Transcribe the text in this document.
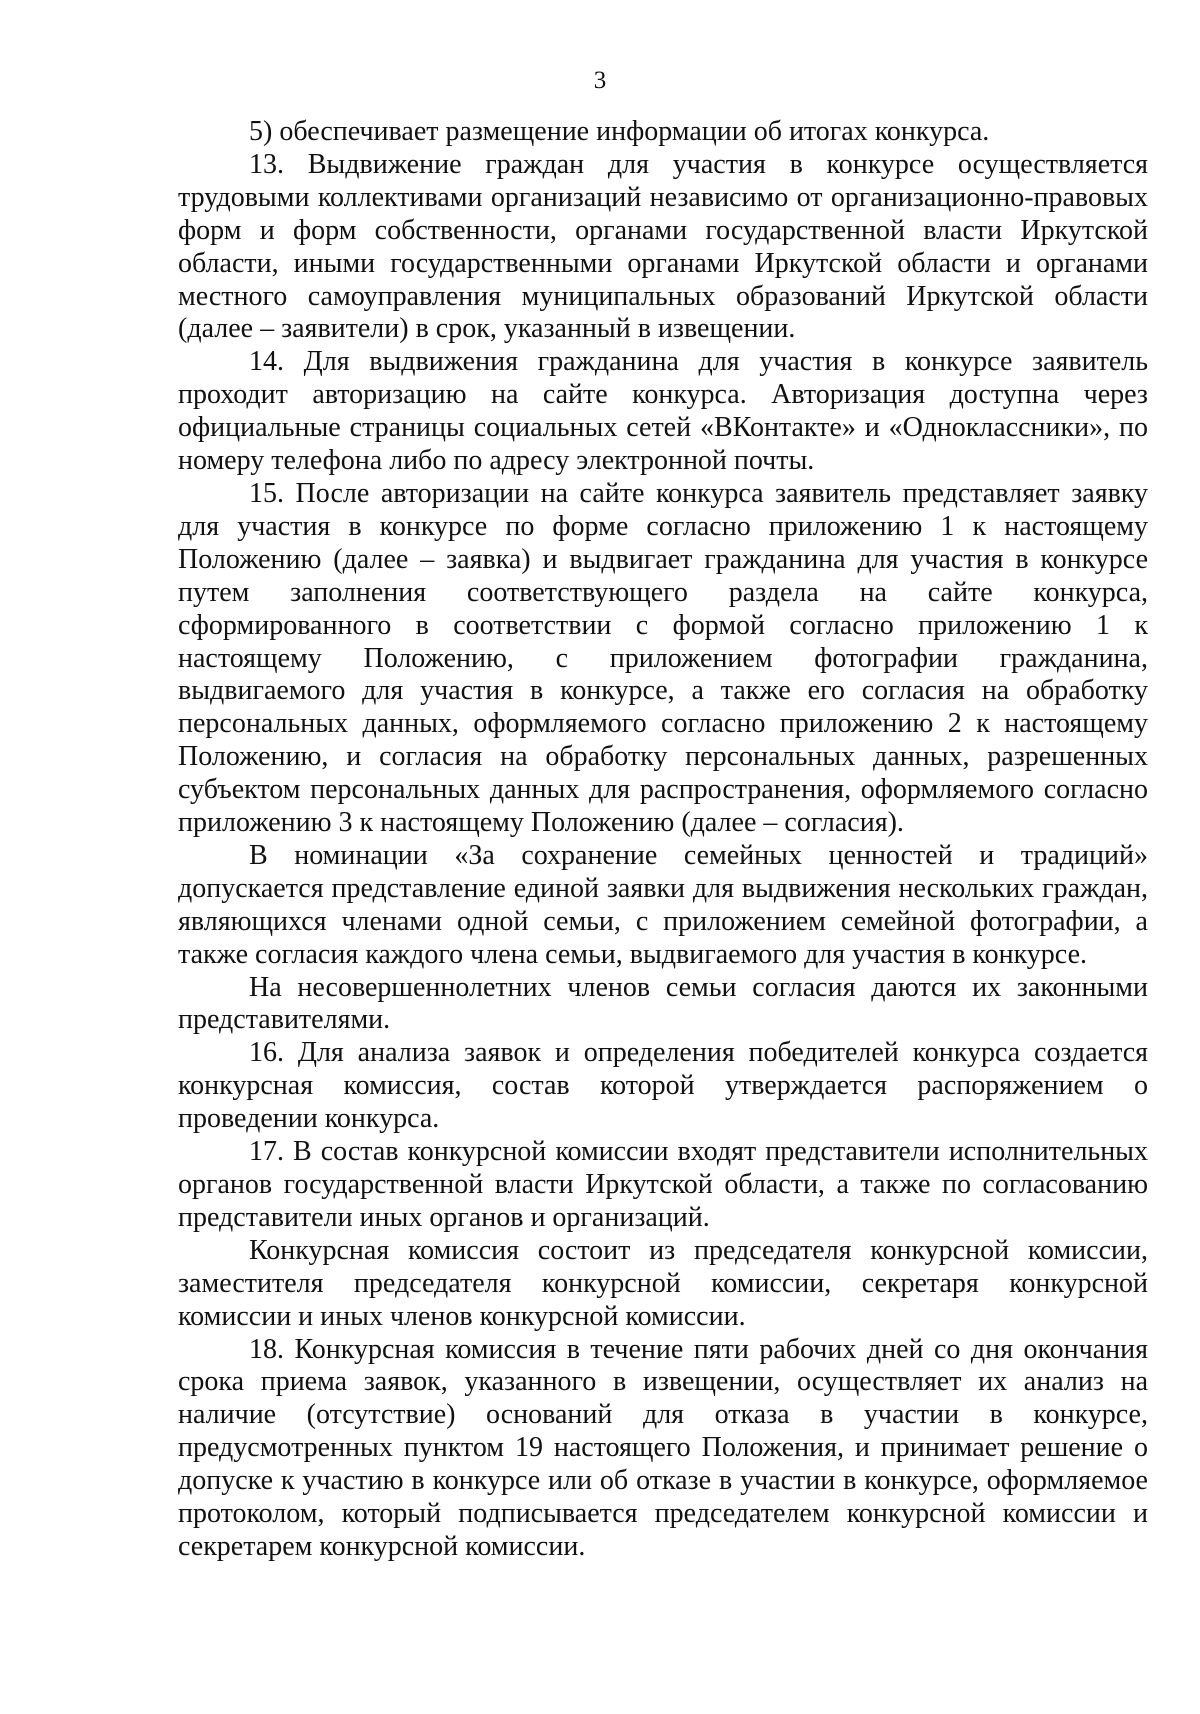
3

5) обеспечивает размещение информации об итогах конкурса.

13. Выдвижение граждан для участия в конкурсе осуществляется трудовыми коллективами организаций независимо от организационно-правовых форм и форм собственности, органами государственной власти Иркутской области, иными государственными органами Иркутской области и органами местного самоуправления муниципальных образований Иркутской области (далее – заявители) в срок, указанный в извещении.

14. Для выдвижения гражданина для участия в конкурсе заявитель проходит авторизацию на сайте конкурса. Авторизация доступна через официальные страницы социальных сетей «ВКонтакте» и «Одноклассники», по номеру телефона либо по адресу электронной почты.

15. После авторизации на сайте конкурса заявитель представляет заявку для участия в конкурсе по форме согласно приложению 1 к настоящему Положению (далее – заявка) и выдвигает гражданина для участия в конкурсе путем заполнения соответствующего раздела на сайте конкурса, сформированного в соответствии с формой согласно приложению 1 к настоящему Положению, с приложением фотографии гражданина, выдвигаемого для участия в конкурсе, а также его согласия на обработку персональных данных, оформляемого согласно приложению 2 к настоящему Положению, и согласия на обработку персональных данных, разрешенных субъектом персональных данных для распространения, оформляемого согласно приложению 3 к настоящему Положению (далее – согласия).

В номинации «За сохранение семейных ценностей и традиций» допускается представление единой заявки для выдвижения нескольких граждан, являющихся членами одной семьи, с приложением семейной фотографии, а также согласия каждого члена семьи, выдвигаемого для участия в конкурсе.

На несовершеннолетних членов семьи согласия даются их законными представителями.

16. Для анализа заявок и определения победителей конкурса создается конкурсная комиссия, состав которой утверждается распоряжением о проведении конкурса.

17. В состав конкурсной комиссии входят представители исполнительных органов государственной власти Иркутской области, а также по согласованию представители иных органов и организаций.

Конкурсная комиссия состоит из председателя конкурсной комиссии, заместителя председателя конкурсной комиссии, секретаря конкурсной комиссии и иных членов конкурсной комиссии.

18. Конкурсная комиссия в течение пяти рабочих дней со дня окончания срока приема заявок, указанного в извещении, осуществляет их анализ на наличие (отсутствие) оснований для отказа в участии в конкурсе, предусмотренных пунктом 19 настоящего Положения, и принимает решение о допуске к участию в конкурсе или об отказе в участии в конкурсе, оформляемое протоколом, который подписывается председателем конкурсной комиссии и секретарем конкурсной комиссии.
